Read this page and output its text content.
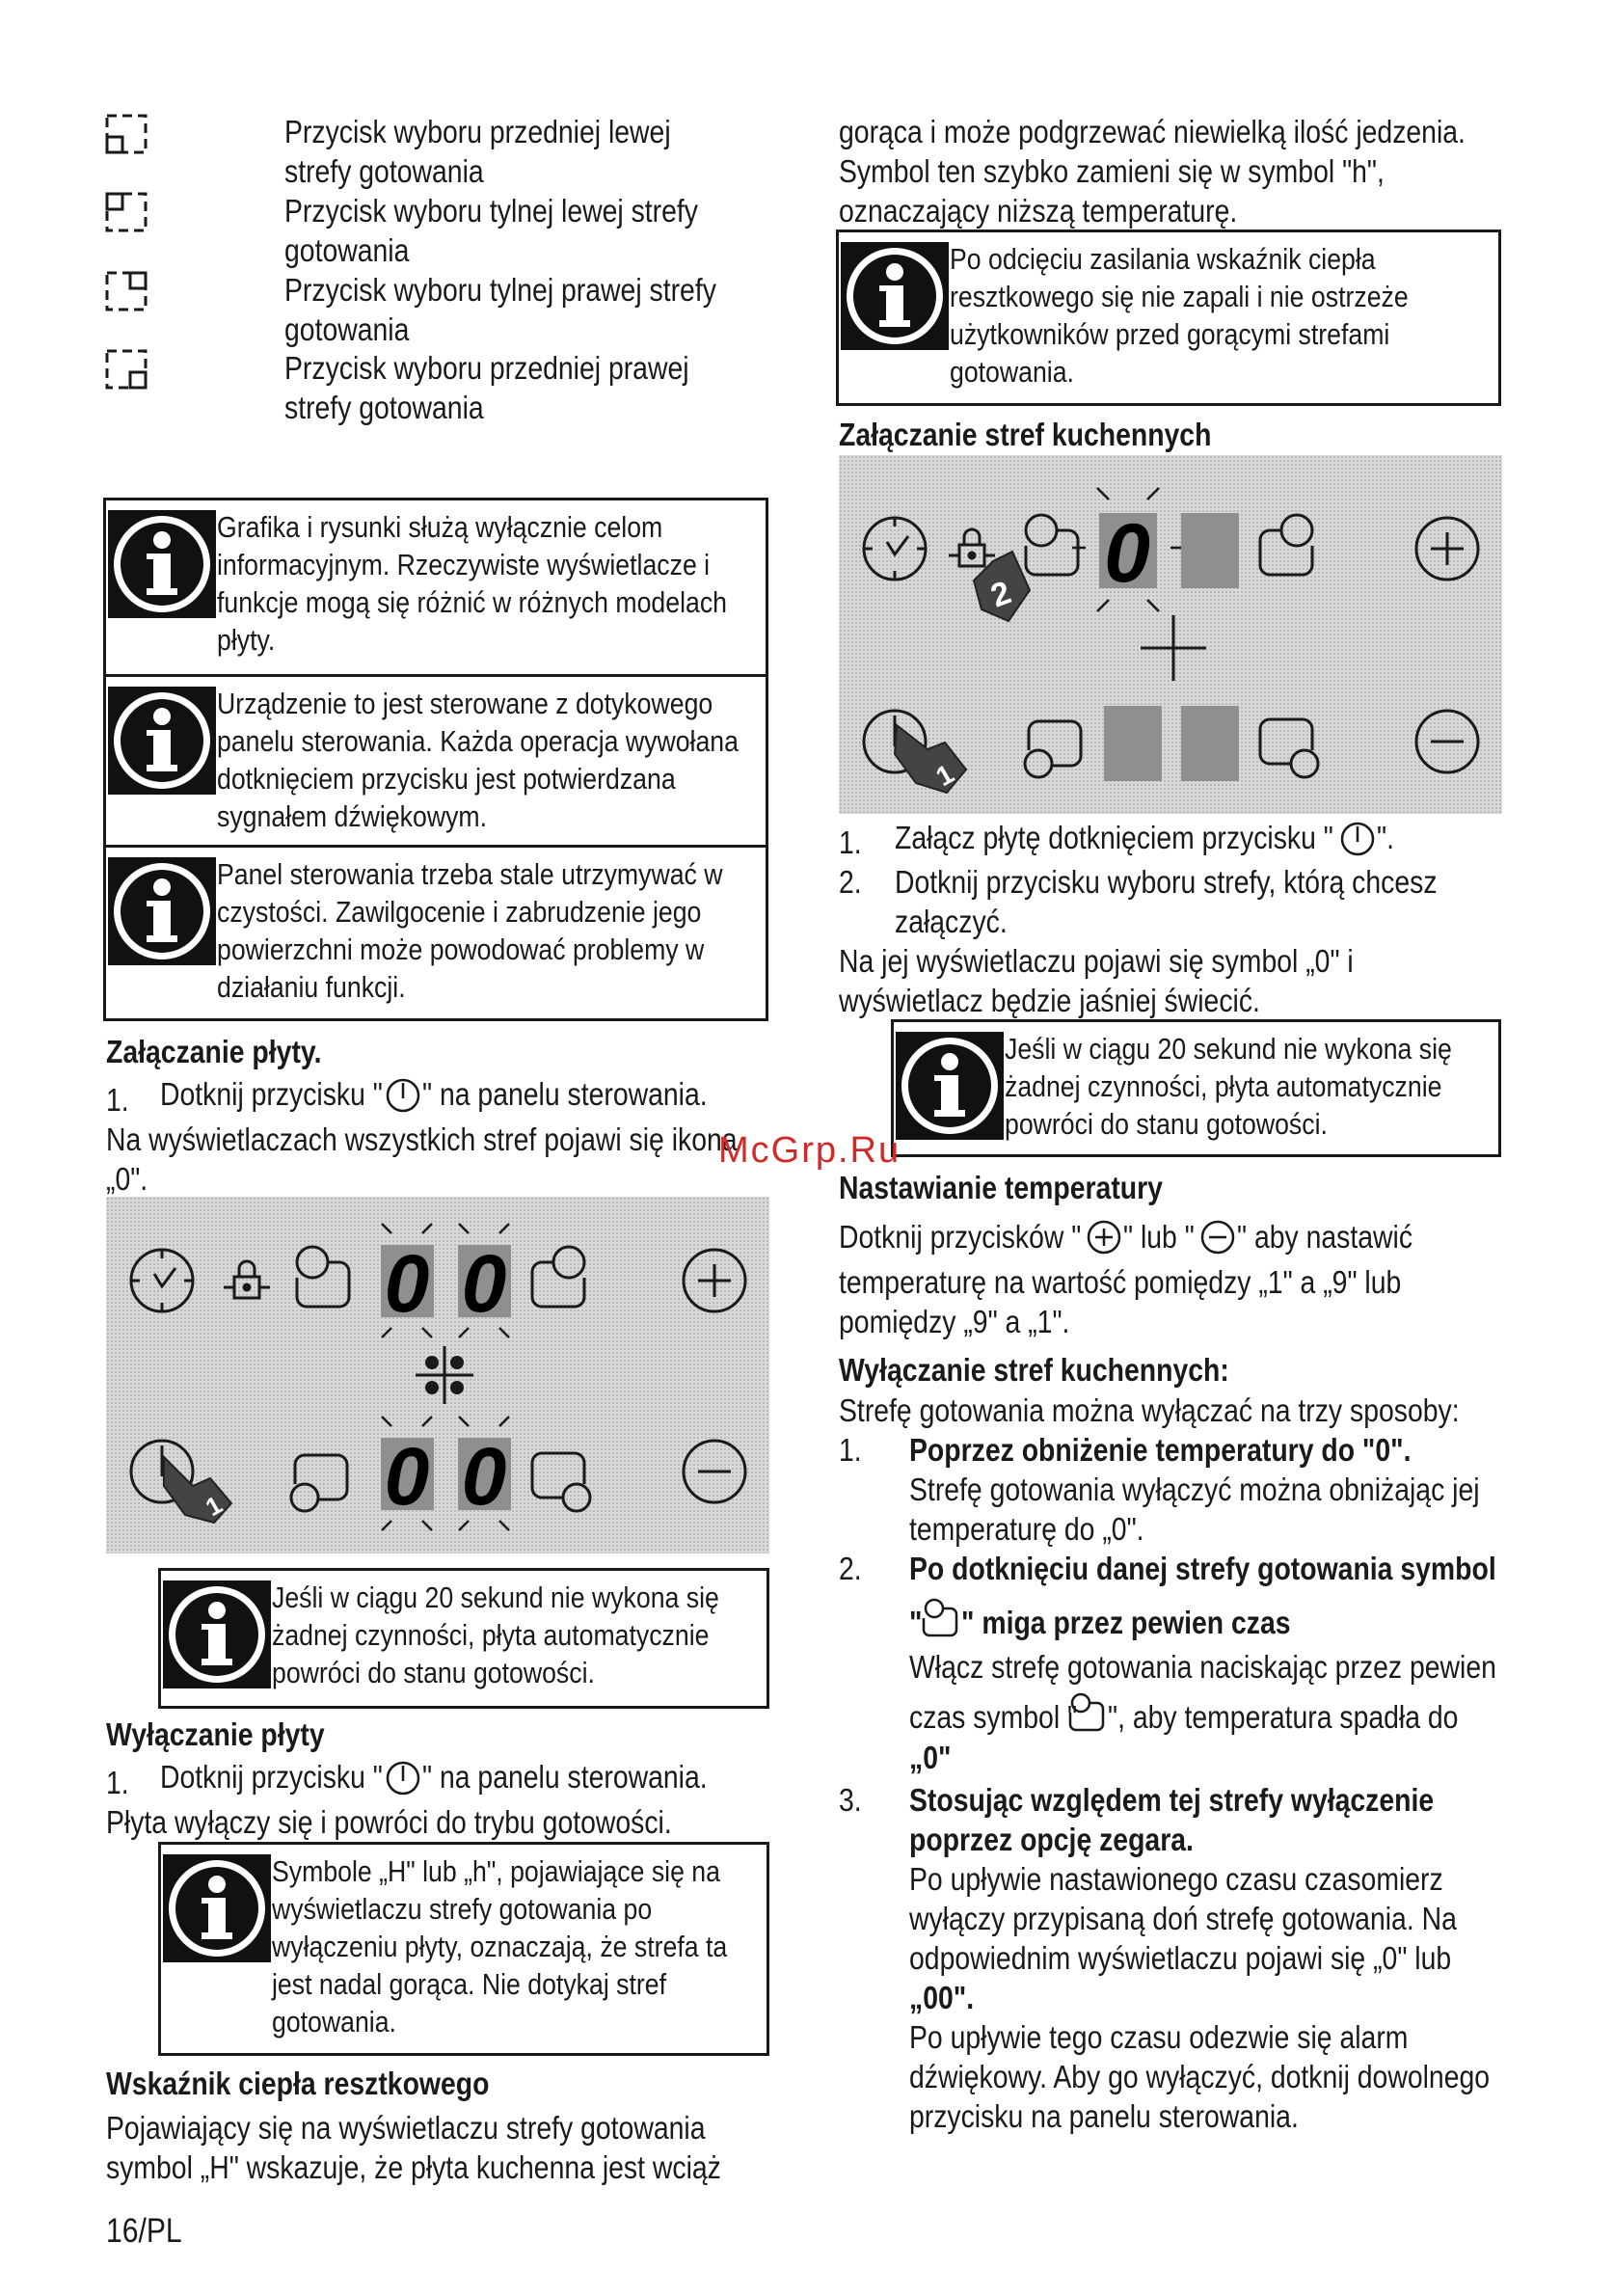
Przycisk wyboru przedniej lewej
strefy gotowania
Przycisk wyboru tylnej lewej strefy
gotowania
Przycisk wyboru tylnej prawej strefy
gotowania
Przycisk wyboru przedniej prawej
strefy gotowania
Grafika i rysunki służą wyłącznie celom
informacyjnym. Rzeczywiste wyświetlacze i
funkcje mogą się różnić w różnych modelach
płyty.
Urządzenie to jest sterowane z dotykowego
panelu sterowania. Każda operacja wywołana
dotknięciem przycisku jest potwierdzana
sygnałem dźwiękowym.
Panel sterowania trzeba stale utrzymywać w
czystości. Zawilgocenie i zabrudzenie jego
powierzchni może powodować problemy w
działaniu funkcji.
Załączanie płyty.
1. Dotknij przycisku " " na panelu sterowania.
Na wyświetlaczach wszystkich stref pojawi się ikona
„0".
0 0
1 0 0
Jeśli w ciągu 20 sekund nie wykona się
żadnej czynności, płyta automatycznie
powróci do stanu gotowości.
Wyłączanie płyty
1. Dotknij przycisku " " na panelu sterowania.
Płyta wyłączy się i powróci do trybu gotowości.
Symbole „H" lub „h", pojawiające się na
wyświetlaczu strefy gotowania po
wyłączeniu płyty, oznaczają, że strefa ta
jest nadal gorąca. Nie dotykaj stref
gotowania.
Wskaźnik ciepła resztkowego
Pojawiający się na wyświetlaczu strefy gotowania
symbol „H" wskazuje, że płyta kuchenna jest wciąż
16/PL
gorąca i może podgrzewać niewielką ilość jedzenia.
Symbol ten szybko zamieni się w symbol "h",
oznaczający niższą temperaturę.
Po odcięciu zasilania wskaźnik ciepła
resztkowego się nie zapali i nie ostrzeże
użytkowników przed gorącymi strefami
gotowania.
Załączanie stref kuchennych
2 0
1
1. Załącz płytę dotknięciem przycisku " ".
2. Dotknij przycisku wyboru strefy, którą chcesz
załączyć.
Na jej wyświetlaczu pojawi się symbol „0" i
wyświetlacz będzie jaśniej świecić.
Jeśli w ciągu 20 sekund nie wykona się
żadnej czynności, płyta automatycznie
powróci do stanu gotowości.
McGrp.Ru
Nastawianie temperatury
Dotknij przycisków " " lub " " aby nastawić
temperaturę na wartość pomiędzy „1" a „9" lub
pomiędzy „9" a „1".
Wyłączanie stref kuchennych:
Strefę gotowania można wyłączać na trzy sposoby:
1. Poprzez obniżenie temperatury do "0".
Strefę gotowania wyłączyć można obniżając jej
temperaturę do „0".
2. Po dotknięciu danej strefy gotowania symbol
" " miga przez pewien czas
Włącz strefę gotowania naciskając przez pewien
czas symbol " ", aby temperatura spadła do
„0"
3. Stosując względem tej strefy wyłączenie
poprzez opcję zegara.
Po upływie nastawionego czasu czasomierz
wyłączy przypisaną doń strefę gotowania. Na
odpowiednim wyświetlaczu pojawi się „0" lub
„00".
Po upływie tego czasu odezwie się alarm
dźwiękowy. Aby go wyłączyć, dotknij dowolnego
przycisku na panelu sterowania.
